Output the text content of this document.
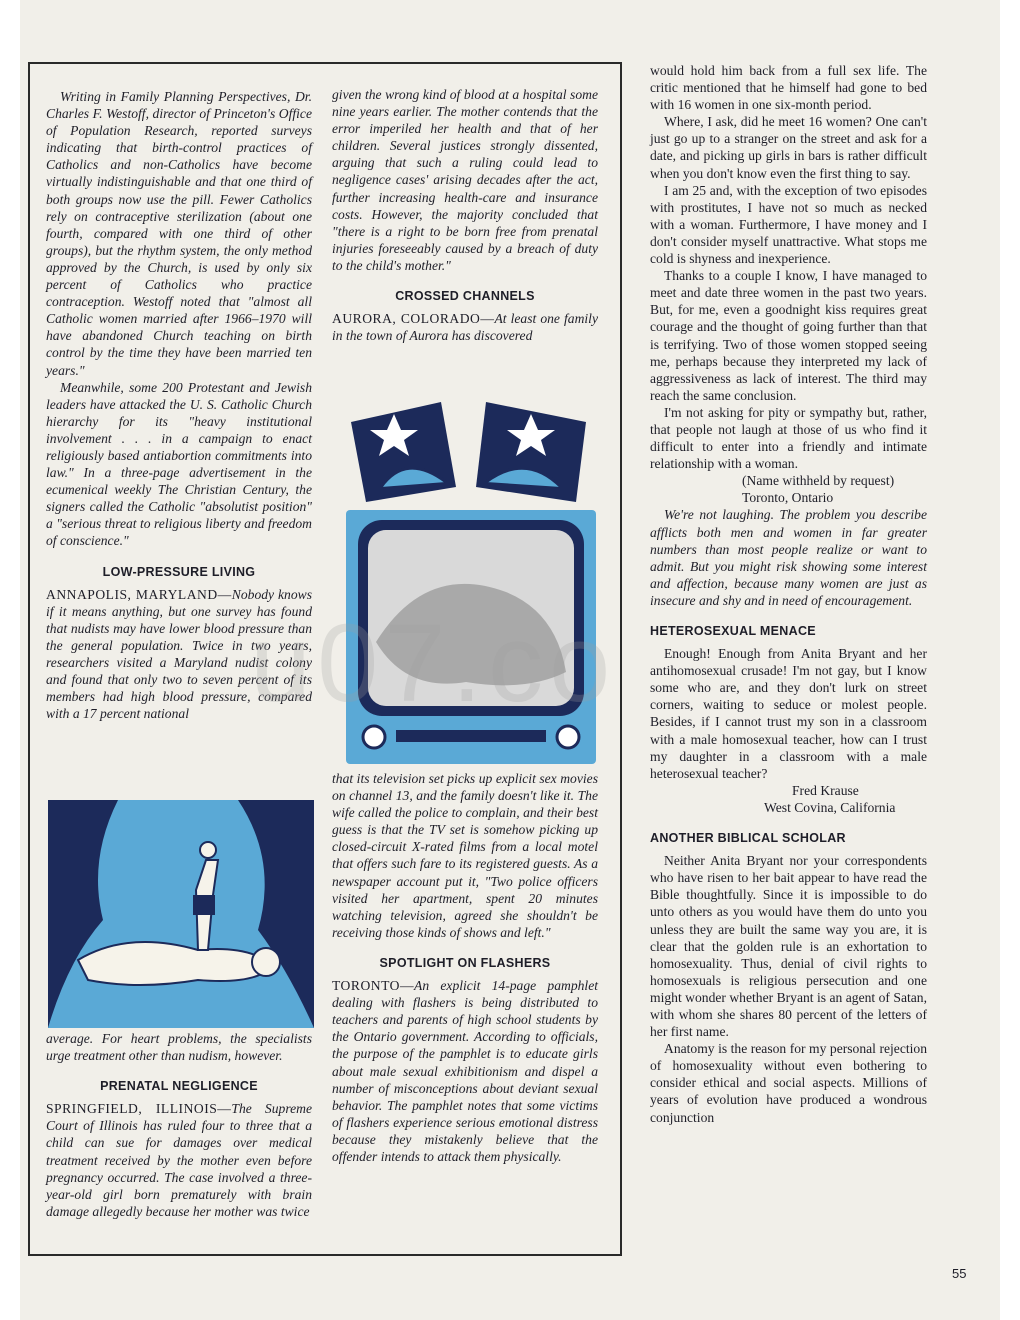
Writing in Family Planning Perspectives, Dr. Charles F. Westoff, director of Princeton's Office of Population Research, reported surveys indicating that birth-control practices of Catholics and non-Catholics have become virtually indistinguishable and that one third of both groups now use the pill. Fewer Catholics rely on contraceptive sterilization (about one fourth, compared with one third of other groups), but the rhythm system, the only method approved by the Church, is used by only six percent of Catholics who practice contraception. Westoff noted that "almost all Catholic women married after 1966–1970 will have abandoned Church teaching on birth control by the time they have been married ten years."

Meanwhile, some 200 Protestant and Jewish leaders have attacked the U. S. Catholic Church hierarchy for its "heavy institutional involvement . . . in a campaign to enact religiously based antiabortion commitments into law." In a three-page advertisement in the ecumenical weekly The Christian Century, the signers called the Catholic "absolutist position" a "serious threat to religious liberty and freedom of conscience."

LOW-PRESSURE LIVING

ANNAPOLIS, MARYLAND—Nobody knows if it means anything, but one survey has found that nudists may have lower blood pressure than the general population. Twice in two years, researchers visited a Maryland nudist colony and found that only two to seven percent of its members had high blood pressure, compared with a 17 percent national

average. For heart problems, the specialists urge treatment other than nudism, however.

PRENATAL NEGLIGENCE

SPRINGFIELD, ILLINOIS—The Supreme Court of Illinois has ruled four to three that a child can sue for damages over medical treatment received by the mother even before pregnancy occurred. The case involved a three-year-old girl born prematurely with brain damage allegedly because her mother was twice

given the wrong kind of blood at a hospital some nine years earlier. The mother contends that the error imperiled her health and that of her children. Several justices strongly dissented, arguing that such a ruling could lead to negligence cases' arising decades after the act, further increasing health-care and insurance costs. However, the majority concluded that "there is a right to be born free from prenatal injuries foreseeably caused by a breach of duty to the child's mother."

CROSSED CHANNELS

AURORA, COLORADO—At least one family in the town of Aurora has discovered

that its television set picks up explicit sex movies on channel 13, and the family doesn't like it. The wife called the police to complain, and their best guess is that the TV set is somehow picking up closed-circuit X-rated films from a local motel that offers such fare to its registered guests. As a newspaper account put it, "Two police officers visited her apartment, spent 20 minutes watching television, agreed she shouldn't be receiving those kinds of shows and left."

SPOTLIGHT ON FLASHERS

TORONTO—An explicit 14-page pamphlet dealing with flashers is being distributed to teachers and parents of high school students by the Ontario government. According to officials, the purpose of the pamphlet is to educate girls about male sexual exhibitionism and dispel a number of misconceptions about deviant sexual behavior. The pamphlet notes that some victims of flashers experience serious emotional distress because they mistakenly believe that the offender intends to attack them physically.

would hold him back from a full sex life. The critic mentioned that he himself had gone to bed with 16 women in one six-month period.

Where, I ask, did he meet 16 women? One can't just go up to a stranger on the street and ask for a date, and picking up girls in bars is rather difficult when you don't know even the first thing to say.

I am 25 and, with the exception of two episodes with prostitutes, I have not so much as necked with a woman. Furthermore, I have money and I don't consider myself unattractive. What stops me cold is shyness and inexperience.

Thanks to a couple I know, I have managed to meet and date three women in the past two years. But, for me, even a goodnight kiss requires great courage and the thought of going further than that is terrifying. Two of those women stopped seeing me, perhaps because they interpreted my lack of aggressiveness as lack of interest. The third may reach the same conclusion.

I'm not asking for pity or sympathy but, rather, that people not laugh at those of us who find it difficult to enter into a friendly and intimate relationship with a woman.

(Name withheld by request)
Toronto, Ontario

We're not laughing. The problem you describe afflicts both men and women in far greater numbers than most people realize or want to admit. But you might risk showing some interest and affection, because many women are just as insecure and shy and in need of encouragement.

HETEROSEXUAL MENACE

Enough! Enough from Anita Bryant and her antihomosexual crusade! I'm not gay, but I know some who are, and they don't lurk on street corners, waiting to seduce or molest people. Besides, if I cannot trust my son in a classroom with a male homosexual teacher, how can I trust my daughter in a classroom with a male heterosexual teacher?

Fred Krause
West Covina, California
ANOTHER BIBLICAL SCHOLAR

Neither Anita Bryant nor your correspondents who have risen to her bait appear to have read the Bible thoughtfully. Since it is impossible to do unto others as you would have them do unto you unless they are built the same way you are, it is clear that the golden rule is an exhortation to homosexuality. Thus, denial of civil rights to homosexuals is religious persecution and one might wonder whether Bryant is an agent of Satan, with whom she shares 80 percent of the letters of her first name.

Anatomy is the reason for my personal rejection of homosexuality without even bothering to consider ethical and social aspects. Millions of years of evolution have produced a wondrous conjunction

55
u07.co
